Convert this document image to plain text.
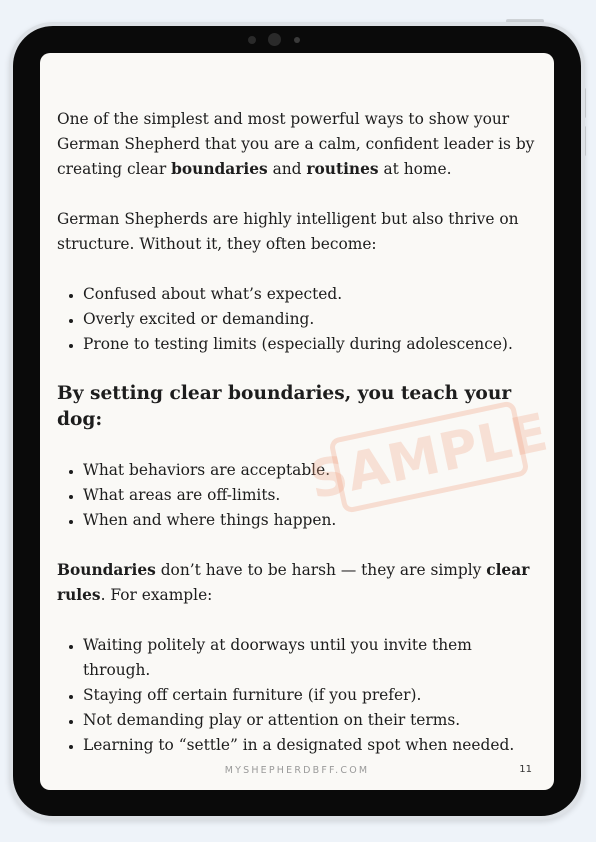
One of the simplest and most powerful ways to show your German Shepherd that you are a calm, confident leader is by creating clear boundaries and routines at home.

German Shepherds are highly intelligent but also thrive on structure. Without it, they often become:

• Confused about what’s expected.
• Overly excited or demanding.
• Prone to testing limits (especially during adolescence).

By setting clear boundaries, you teach your dog:

• What behaviors are acceptable.
• What areas are off-limits.
• When and where things happen.

Boundaries don’t have to be harsh — they are simply clear rules. For example:

• Waiting politely at doorways until you invite them through.
• Staying off certain furniture (if you prefer).
• Not demanding play or attention on their terms.
• Learning to “settle” in a designated spot when needed.
SAMPLE
MYSHEPHERDBFF.COM	11
